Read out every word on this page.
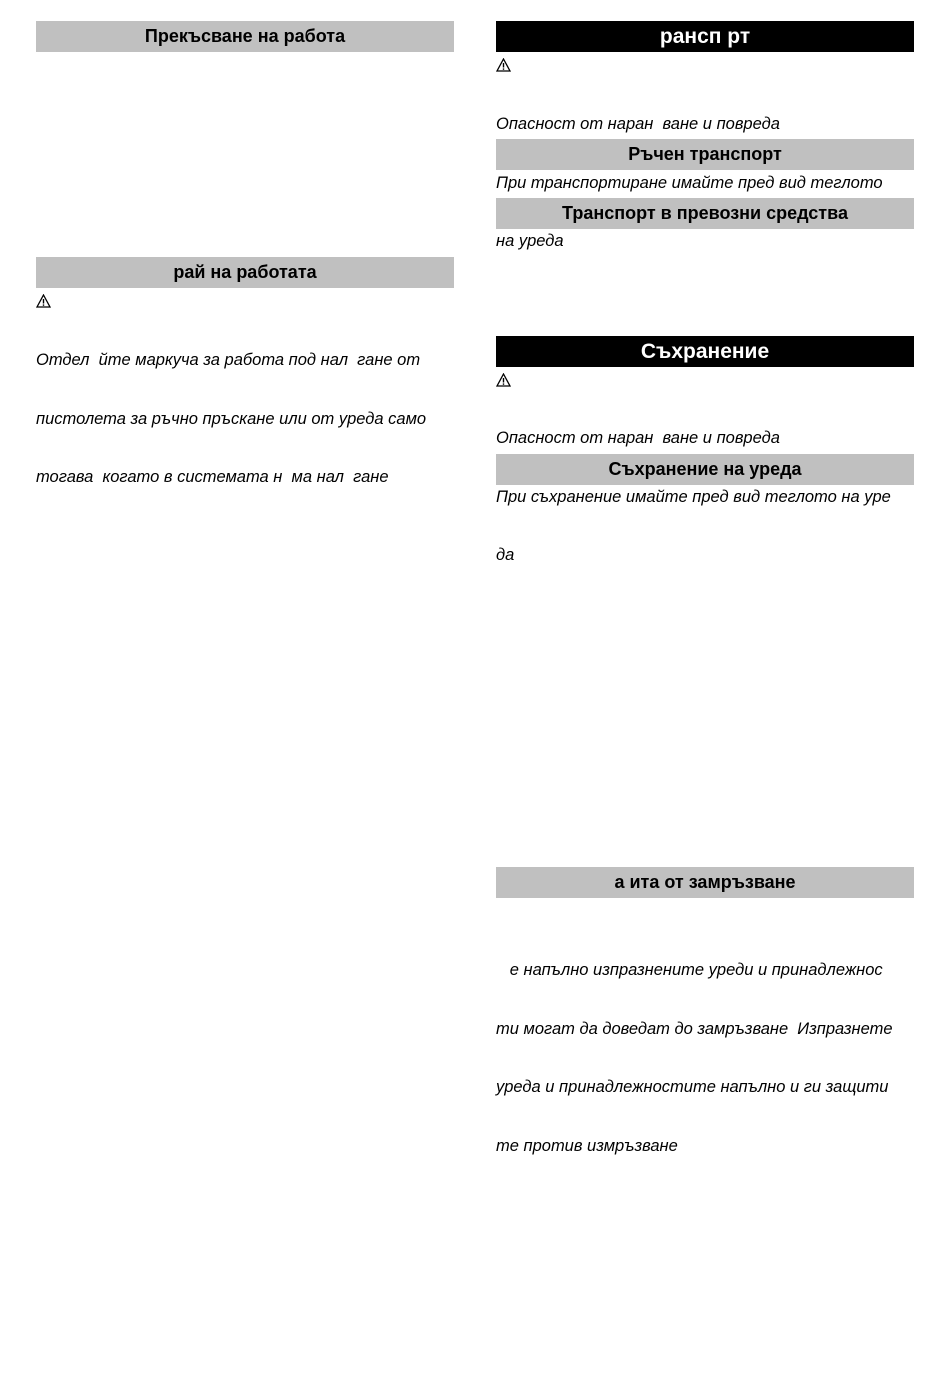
Прекъсване на работа
рай на работата

Отдел  йте маркуча за работа под нал  гане от

пистолета за ръчно пръскане или от уреда само

тогава  когато в системата н  ма нал  гане

рансп рт

Опасност от наран  ване и повреда

При транспортиране имайте пред вид теглото

на уреда

Ръчен транспорт
Транспорт в превозни средства
Съхранение

Опасност от наран  ване и повреда

При съхранение имайте пред вид теглото на уре

да

Съхранение на уреда
а ита от замръзване

е напълно изпразнените уреди и принадлежнос

ти могат да доведат до замръзване  Изпразнете

уреда и принадлежностите напълно и ги защити

те против измръзване
